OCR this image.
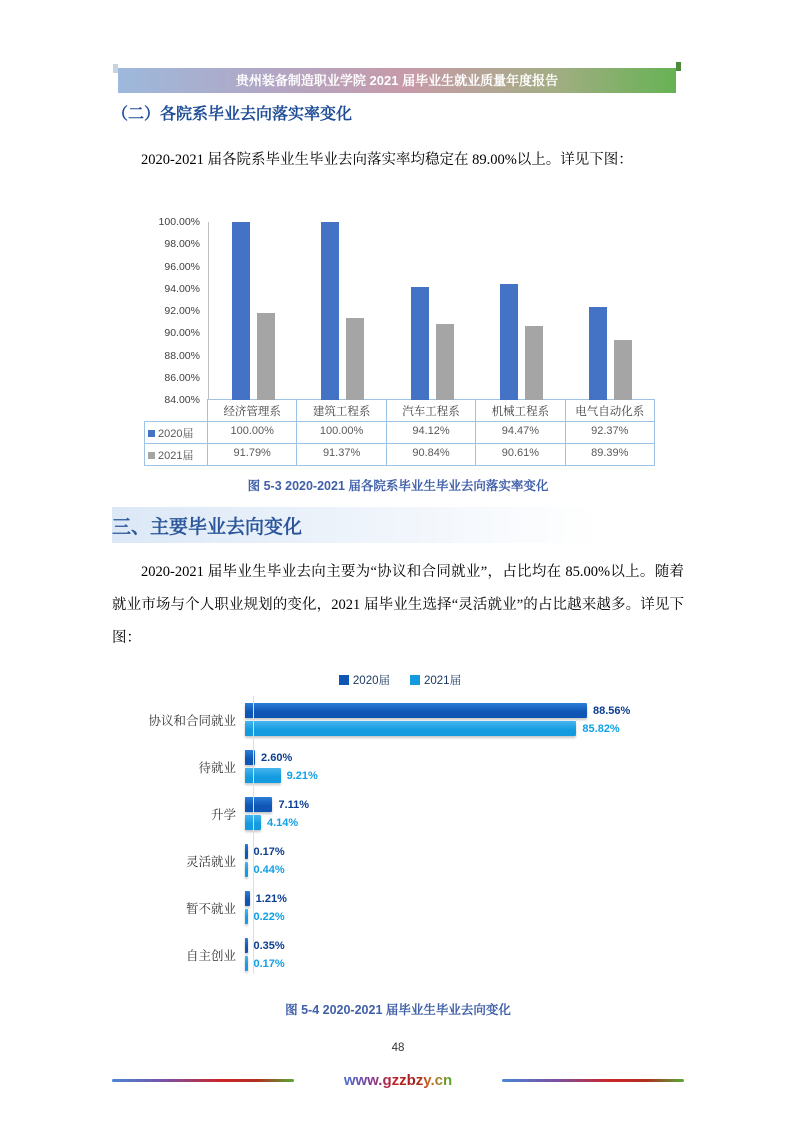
贵州装备制造职业学院 2021 届毕业生就业质量年度报告
（二）各院系毕业去向落实率变化
2020-2021 届各院系毕业生毕业去向落实率均稳定在 89.00%以上。详见下图：
100.00%
98.00%
96.00%
94.00%
92.00%
90.00%
88.00%
86.00%
84.00%
经济管理系	建筑工程系	汽车工程系	机械工程系	电气自动化系
2020届	100.00%	100.00%	94.12%	94.47%	92.37%
2021届	91.79%	91.37%	90.84%	90.61%	89.39%
图 5-3 2020-2021 届各院系毕业生毕业去向落实率变化
三、主要毕业去向变化
2020-2021 届毕业生毕业去向主要为“协议和合同就业”，占比均在 85.00%以上。随着就业市场与个人职业规划的变化，2021 届毕业生选择“灵活就业”的占比越来越多。详见下图：
2020届	2021届
协议和合同就业
88.56%
85.82%
待就业
2.60%
9.21%
升学
7.11%
4.14%
灵活就业
0.17%
0.44%
暂不就业
1.21%
0.22%
自主创业
0.35%
0.17%
图 5-4 2020-2021 届毕业生毕业去向变化
48
www.gzzbzy.cn
